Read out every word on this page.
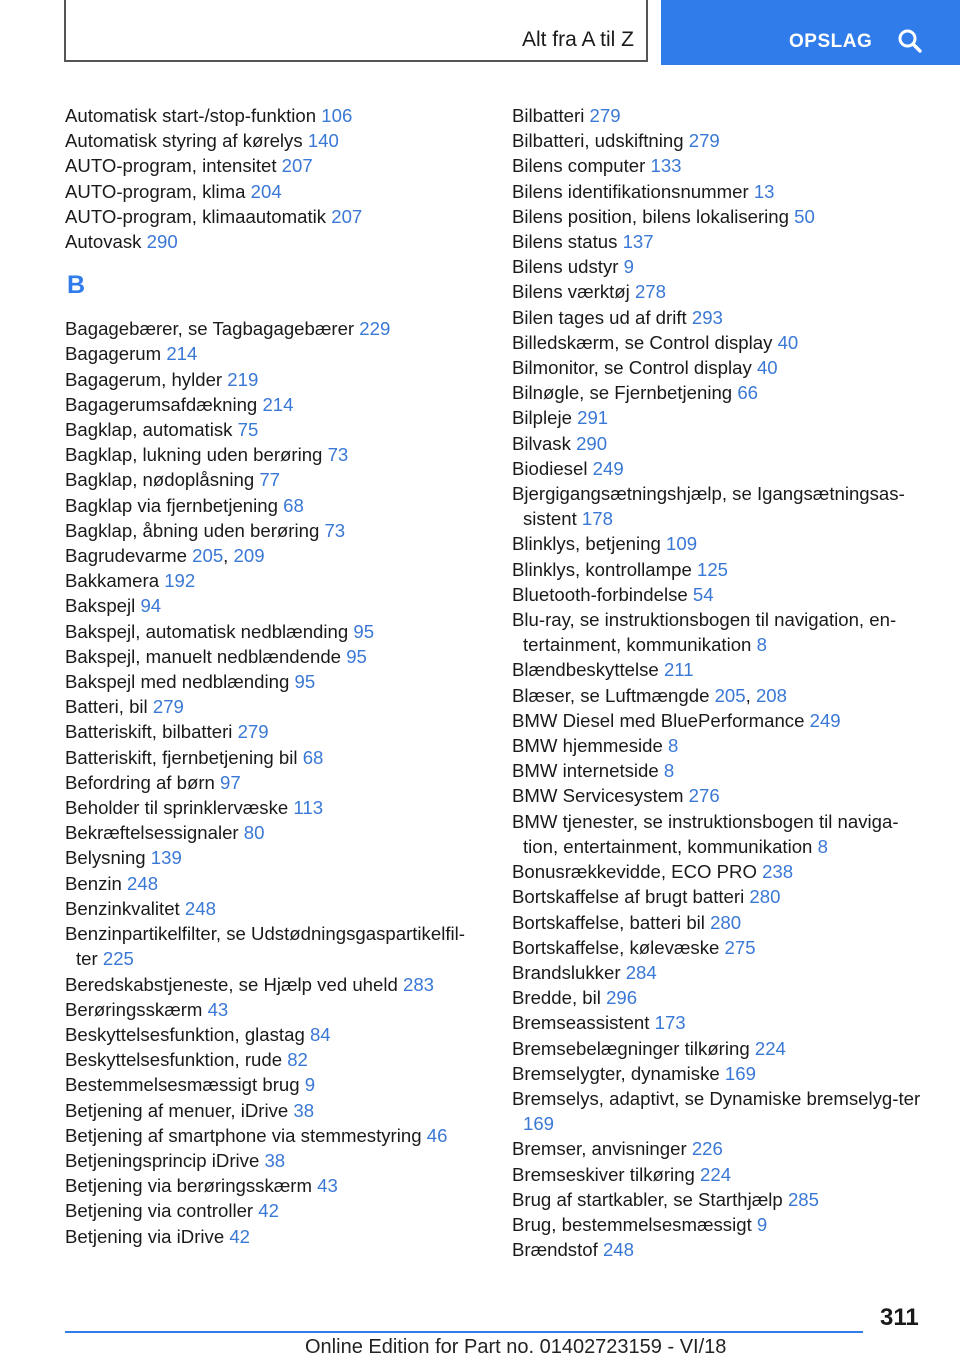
Alt fra A til Z	OPSLAG

Automatisk start-/stop-funktion 106

Automatisk styring af kørelys 140

AUTO-program, intensitet 207

AUTO-program, klima 204

AUTO-program, klimaautomatik 207

Autovask 290

B

Bagagebærer, se Tagbagagebærer 229

Bagagerum 214

Bagagerum, hylder 219

Bagagerumsafdækning 214

Bagklap, automatisk 75

Bagklap, lukning uden berøring 73

Bagklap, nødoplåsning 77

Bagklap via fjernbetjening 68

Bagklap, åbning uden berøring 73

Bagrudevarme 205, 209

Bakkamera 192

Bakspejl 94

Bakspejl, automatisk nedblænding 95

Bakspejl, manuelt nedblændende 95

Bakspejl med nedblænding 95

Batteri, bil 279

Batteriskift, bilbatteri 279

Batteriskift, fjernbetjening bil 68

Befordring af børn 97

Beholder til sprinklervæske 113

Bekræftelsessignaler 80

Belysning 139

Benzin 248

Benzinkvalitet 248

Benzinpartikelfilter, se Udstødningsgaspartikelfil‐ter 225

Beredskabstjeneste, se Hjælp ved uheld 283

Berøringsskærm 43

Beskyttelsesfunktion, glastag 84

Beskyttelsesfunktion, rude 82

Bestemmelsesmæssigt brug 9

Betjening af menuer, iDrive 38

Betjening af smartphone via stemmestyring 46

Betjeningsprincip iDrive 38

Betjening via berøringsskærm 43

Betjening via controller 42

Betjening via iDrive 42

Bilbatteri 279

Bilbatteri, udskiftning 279

Bilens computer 133

Bilens identifikationsnummer 13

Bilens position, bilens lokalisering 50

Bilens status 137

Bilens udstyr 9

Bilens værktøj 278

Bilen tages ud af drift 293

Billedskærm, se Control display 40

Bilmonitor, se Control display 40

Bilnøgle, se Fjernbetjening 66

Bilpleje 291

Bilvask 290

Biodiesel 249

Bjergigangsætningshjælp, se Igangsætningsas‐sistent 178

Blinklys, betjening 109

Blinklys, kontrollampe 125

Bluetooth-forbindelse 54

Blu-ray, se instruktionsbogen til navigation, en‐tertainment, kommunikation 8

Blændbeskyttelse 211

Blæser, se Luftmængde 205, 208

BMW Diesel med BluePerformance 249

BMW hjemmeside 8

BMW internetside 8

BMW Servicesystem 276

BMW tjenester, se instruktionsbogen til naviga‐tion, entertainment, kommunikation 8

Bonusrækkevidde, ECO PRO 238

Bortskaffelse af brugt batteri 280

Bortskaffelse, batteri bil 280

Bortskaffelse, kølevæske 275

Brandslukker 284

Bredde, bil 296

Bremseassistent 173

Bremsebelægninger tilkøring 224

Bremselygter, dynamiske 169

Bremselys, adaptivt, se Dynamiske bremselyg‐ter 169

Bremser, anvisninger 226

Bremseskiver tilkøring 224

Brug af startkabler, se Starthjælp 285

Brug, bestemmelsesmæssigt 9

Brændstof 248

311
Online Edition for Part no. 01402723159 - VI/18
